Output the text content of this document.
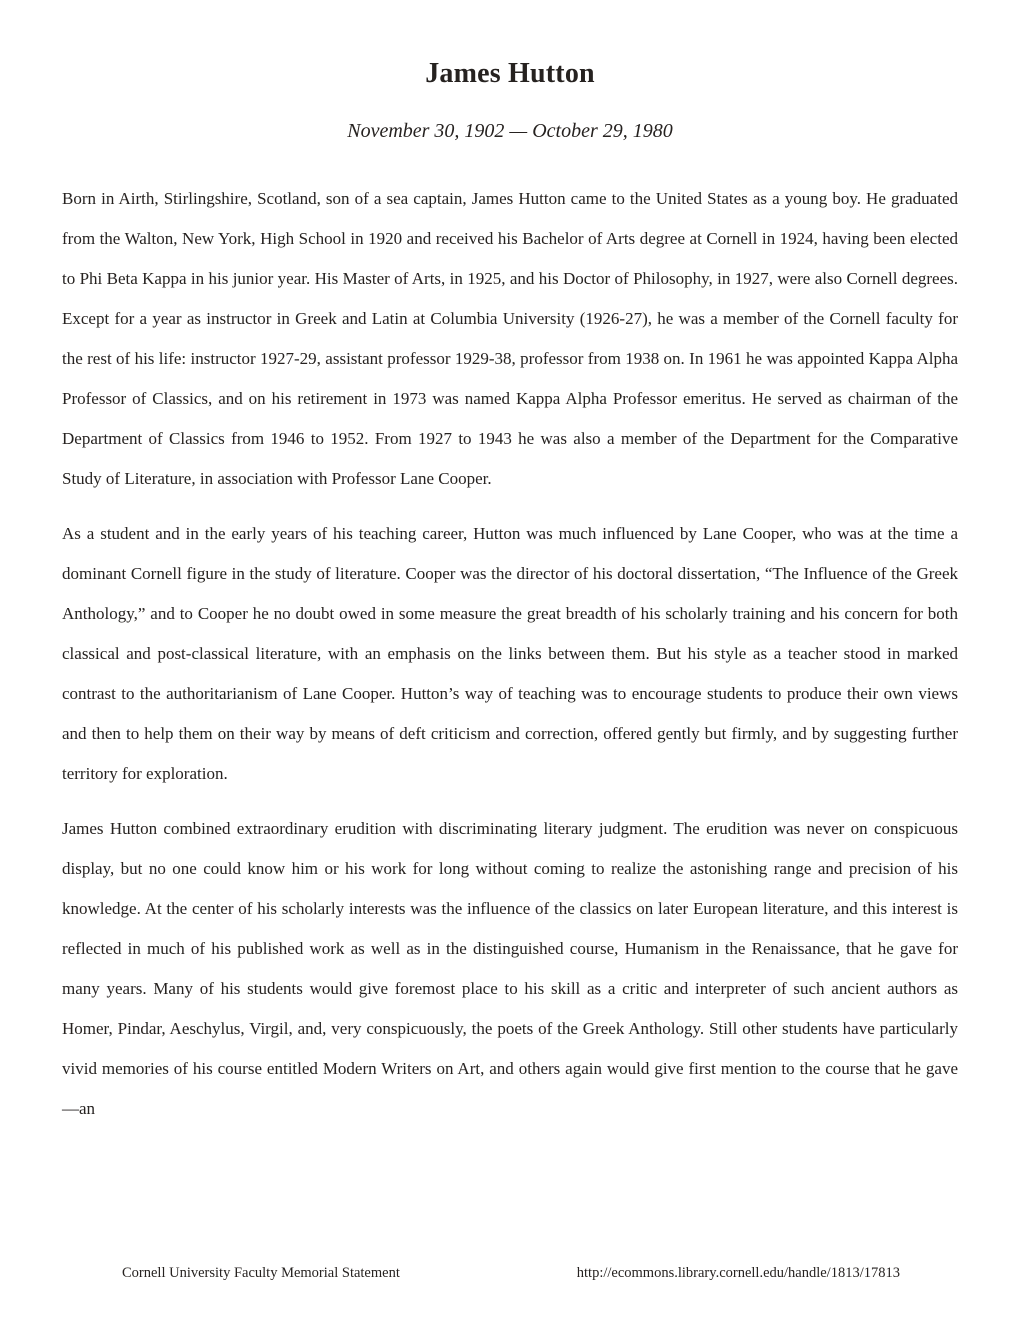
James Hutton
November 30, 1902 — October 29, 1980

Born in Airth, Stirlingshire, Scotland, son of a sea captain, James Hutton came to the United States as a young boy. He graduated from the Walton, New York, High School in 1920 and received his Bachelor of Arts degree at Cornell in 1924, having been elected to Phi Beta Kappa in his junior year. His Master of Arts, in 1925, and his Doctor of Philosophy, in 1927, were also Cornell degrees. Except for a year as instructor in Greek and Latin at Columbia University (1926-27), he was a member of the Cornell faculty for the rest of his life: instructor 1927-29, assistant professor 1929-38, professor from 1938 on. In 1961 he was appointed Kappa Alpha Professor of Classics, and on his retirement in 1973 was named Kappa Alpha Professor emeritus. He served as chairman of the Department of Classics from 1946 to 1952. From 1927 to 1943 he was also a member of the Department for the Comparative Study of Literature, in association with Professor Lane Cooper.

As a student and in the early years of his teaching career, Hutton was much influenced by Lane Cooper, who was at the time a dominant Cornell figure in the study of literature. Cooper was the director of his doctoral dissertation, “The Influence of the Greek Anthology,” and to Cooper he no doubt owed in some measure the great breadth of his scholarly training and his concern for both classical and post-classical literature, with an emphasis on the links between them. But his style as a teacher stood in marked contrast to the authoritarianism of Lane Cooper. Hutton’s way of teaching was to encourage students to produce their own views and then to help them on their way by means of deft criticism and correction, offered gently but firmly, and by suggesting further territory for exploration.

James Hutton combined extraordinary erudition with discriminating literary judgment. The erudition was never on conspicuous display, but no one could know him or his work for long without coming to realize the astonishing range and precision of his knowledge. At the center of his scholarly interests was the influence of the classics on later European literature, and this interest is reflected in much of his published work as well as in the distinguished course, Humanism in the Renaissance, that he gave for many years. Many of his students would give foremost place to his skill as a critic and interpreter of such ancient authors as Homer, Pindar, Aeschylus, Virgil, and, very conspicuously, the poets of the Greek Anthology. Still other students have particularly vivid memories of his course entitled Modern Writers on Art, and others again would give first mention to the course that he gave—an

Cornell University Faculty Memorial Statement	http://ecommons.library.cornell.edu/handle/1813/17813
